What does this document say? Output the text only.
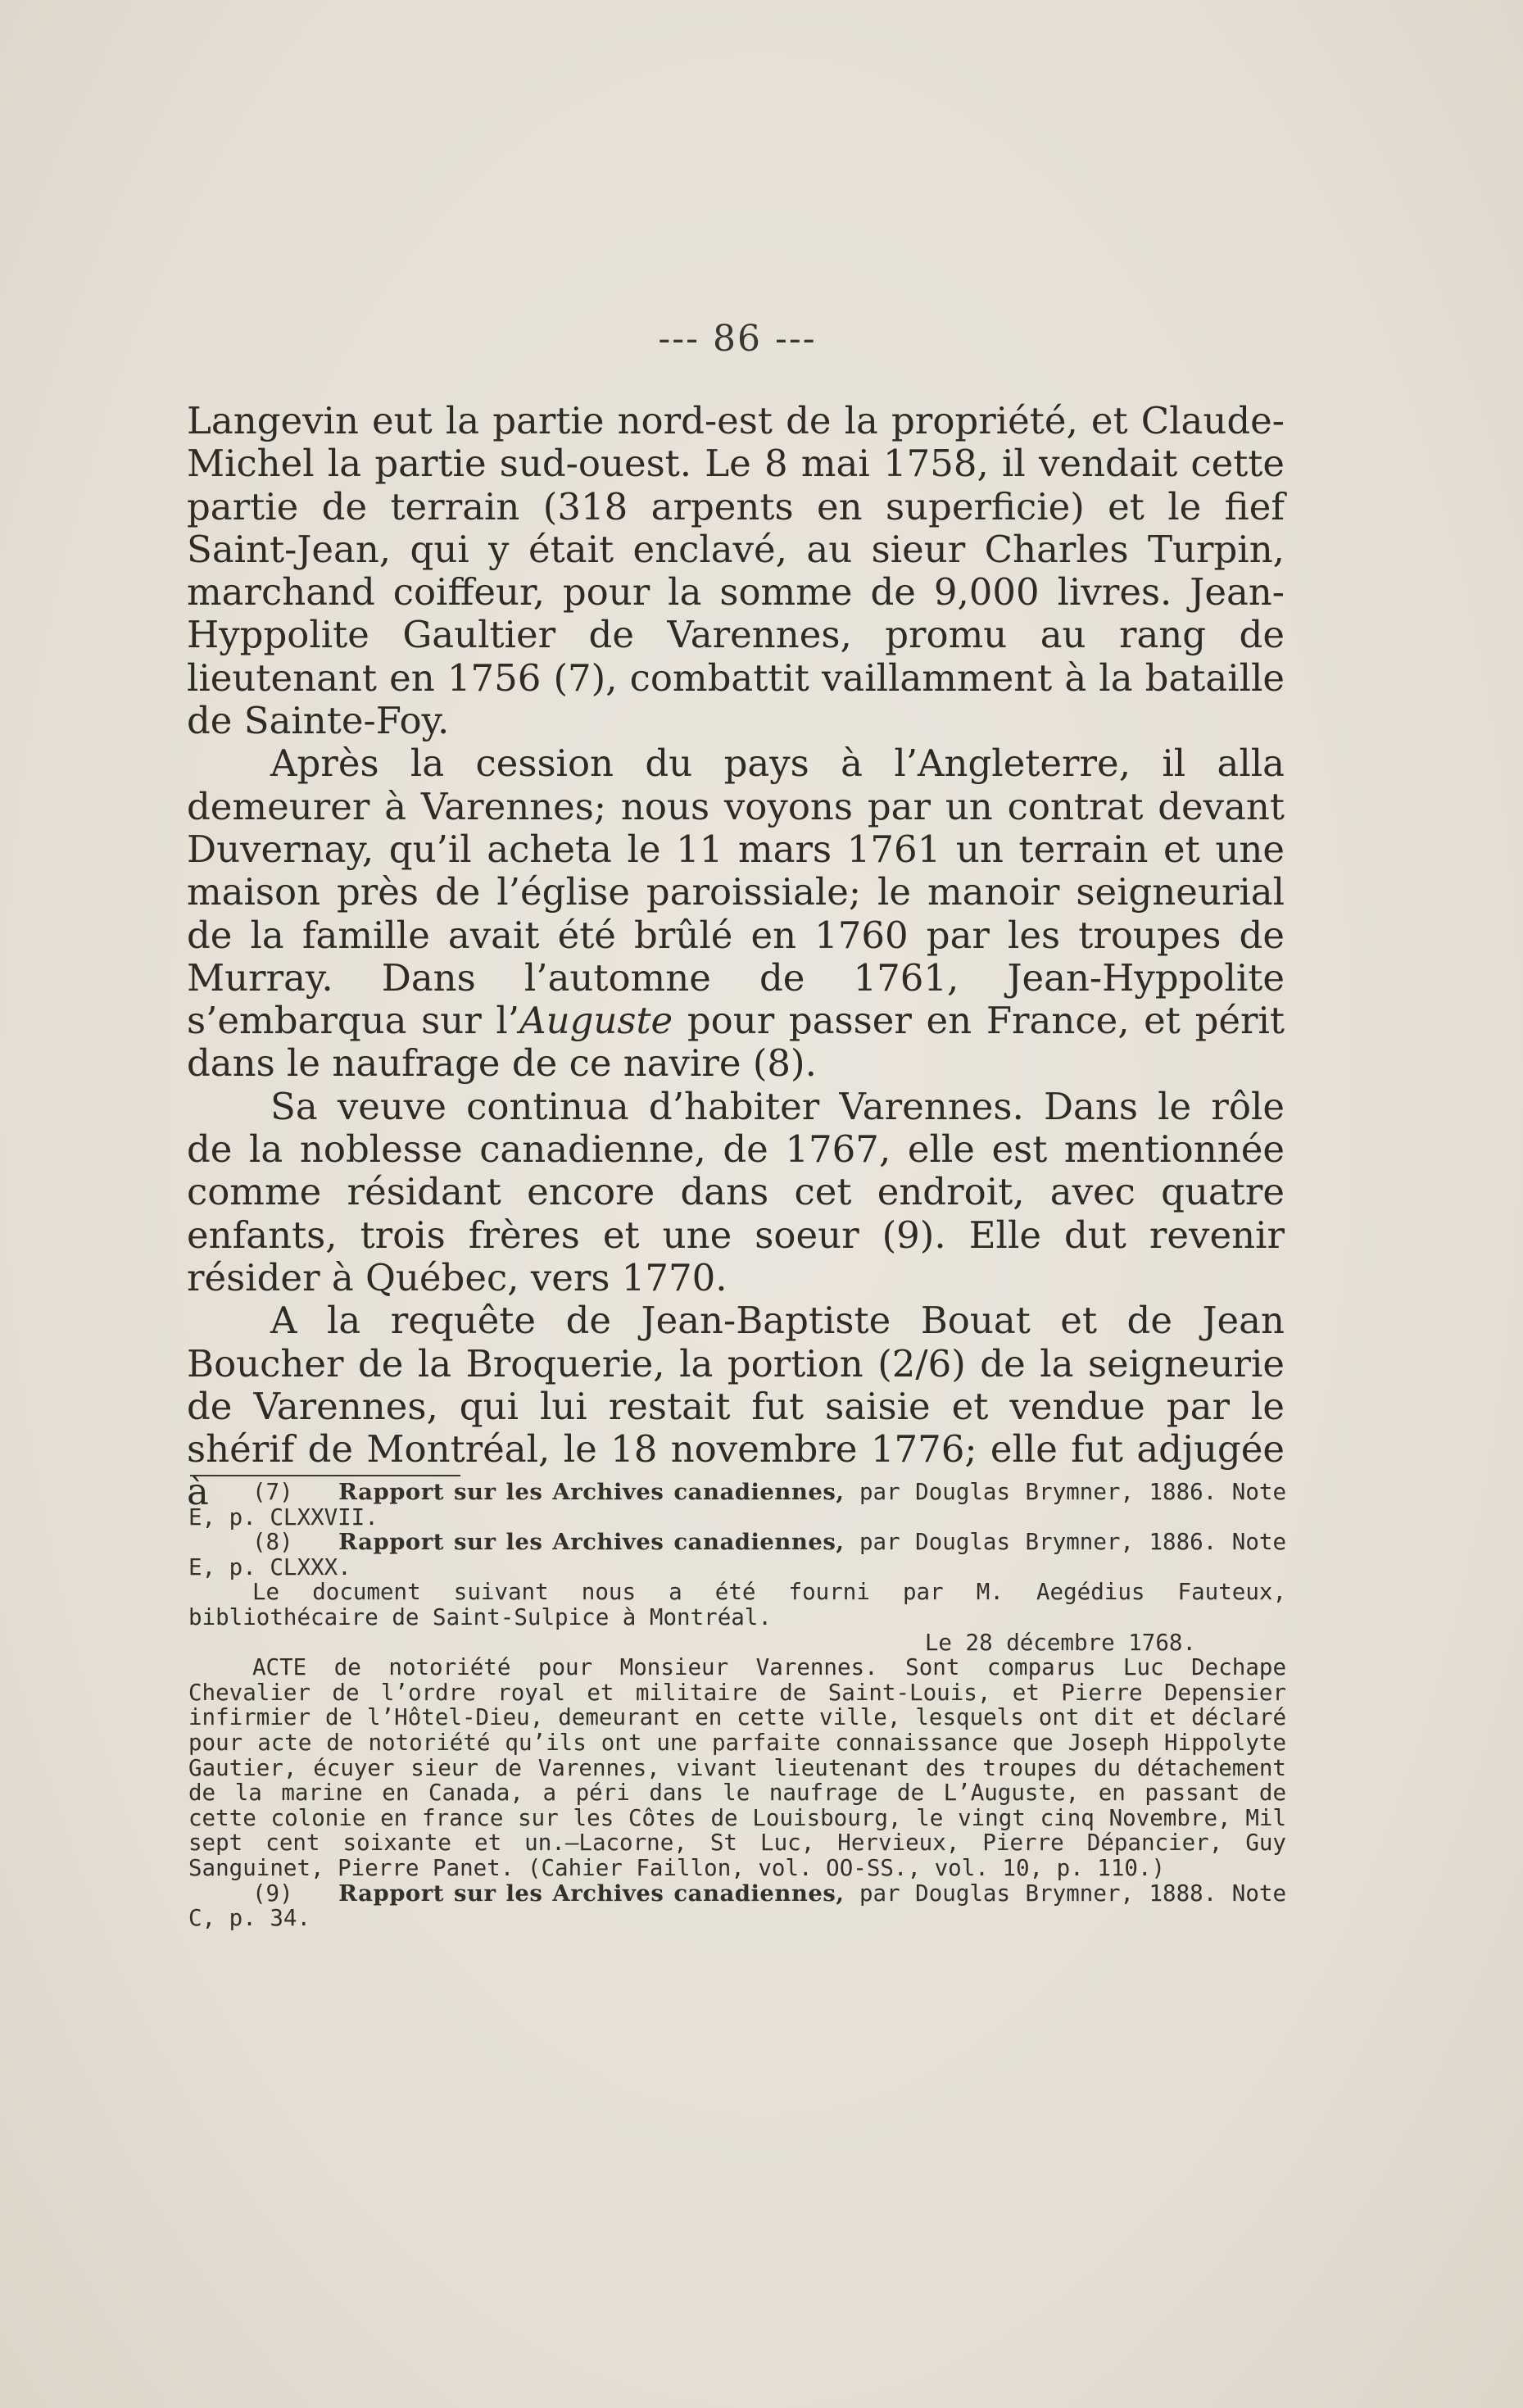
--- 86 ---

Langevin eut la partie nord-est de la propriété, et Claude-Michel la partie sud-ouest. Le 8 mai 1758, il vendait cette partie de terrain (318 arpents en superficie) et le fief Saint-Jean, qui y était enclavé, au sieur Charles Turpin, marchand coiffeur, pour la somme de 9,000 livres. Jean-Hyppolite Gaultier de Varennes, promu au rang de lieutenant en 1756 (7), combattit vaillamment à la bataille de Sainte-Foy.

Après la cession du pays à l’Angleterre, il alla demeurer à Varennes; nous voyons par un contrat devant Duvernay, qu’il acheta le 11 mars 1761 un terrain et une maison près de l’église paroissiale; le manoir seigneurial de la famille avait été brûlé en 1760 par les troupes de Murray. Dans l’automne de 1761, Jean-Hyppolite s’embarqua sur l’Auguste pour passer en France, et périt dans le naufrage de ce navire (8).

Sa veuve continua d’habiter Varennes. Dans le rôle de la noblesse canadienne, de 1767, elle est mentionnée comme résidant encore dans cet endroit, avec quatre enfants, trois frères et une soeur (9). Elle dut revenir résider à Québec, vers 1770.

A la requête de Jean-Baptiste Bouat et de Jean Boucher de la Broquerie, la portion (2/6) de la seigneurie de Varennes, qui lui restait fut saisie et vendue par le shérif de Montréal, le 18 novembre 1776; elle fut adjugée à	(7) Rapport sur les Archives canadiennes, par Douglas Brymner, 1886. Note E, p. CLXXVII.

(8) Rapport sur les Archives canadiennes, par Douglas Brymner, 1886. Note E, p. CLXXX.

Le document suivant nous a été fourni par M. Aegédius Fauteux, bibliothécaire de Saint-Sulpice à Montréal.

Le 28 décembre 1768.

ACTE de notoriété pour Monsieur Varennes. Sont comparus Luc Dechape Chevalier de l’ordre royal et militaire de Saint-Louis, et Pierre Depensier infirmier de l’Hôtel-Dieu, demeurant en cette ville, lesquels ont dit et déclaré pour acte de notoriété qu’ils ont une parfaite connaissance que Joseph Hippolyte Gautier, écuyer sieur de Varennes, vivant lieutenant des troupes du détachement de la marine en Canada, a péri dans le naufrage de L’Auguste, en passant de cette colonie en france sur les Côtes de Louisbourg, le vingt cinq Novembre, Mil sept cent soixante et un.—Lacorne, St Luc, Hervieux, Pierre Dépancier, Guy Sanguinet, Pierre Panet. (Cahier Faillon, vol. OO-SS., vol. 10, p. 110.)

(9) Rapport sur les Archives canadiennes, par Douglas Brymner, 1888. Note C, p. 34.
